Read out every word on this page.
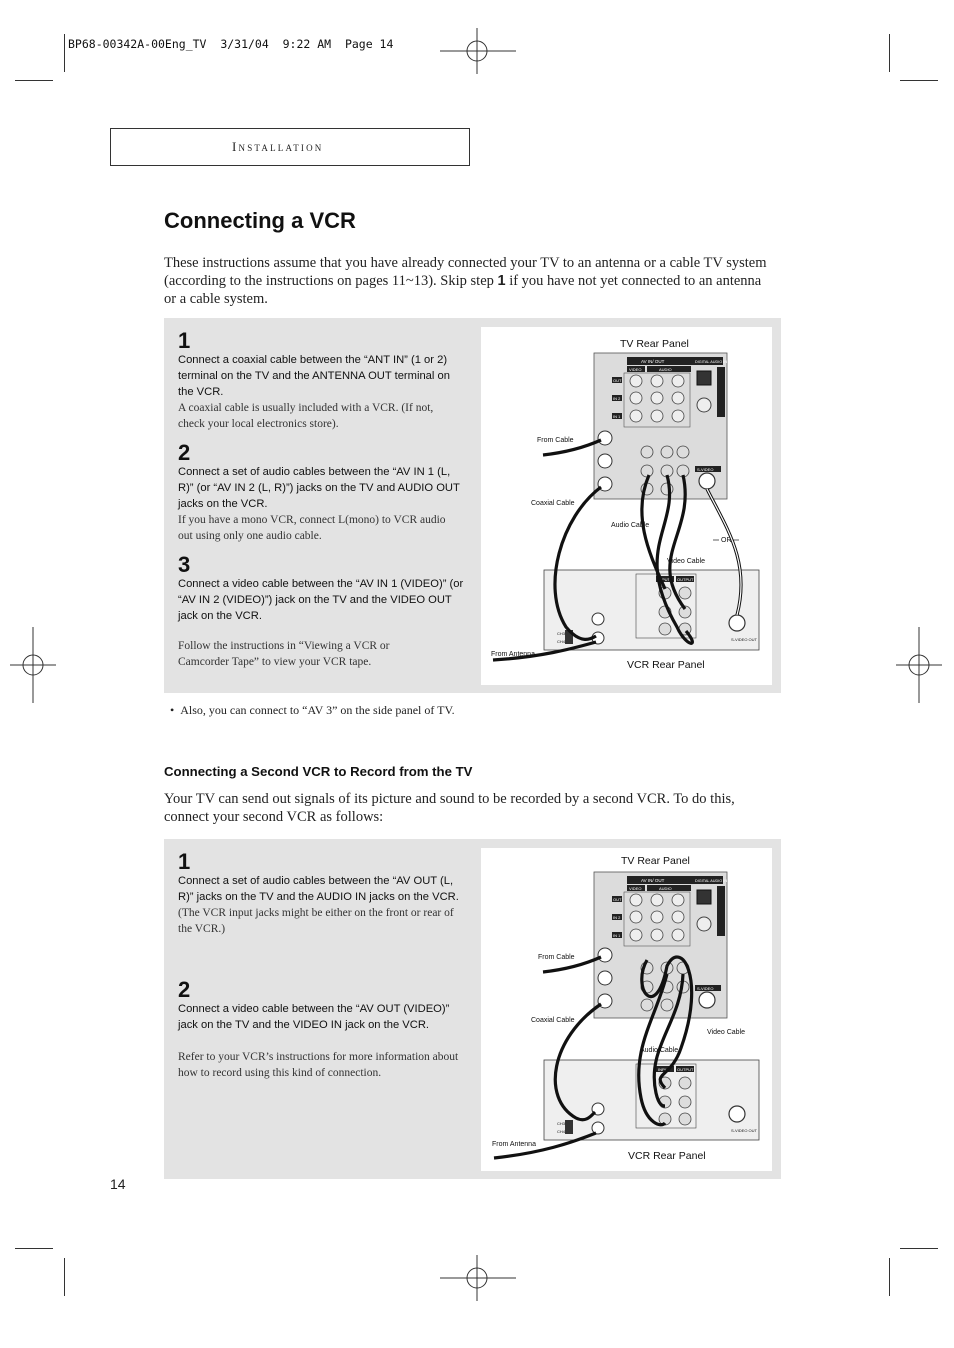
BP68-00342A-00Eng_TV  3/31/04  9:22 AM  Page 14
Installation
Connecting a VCR

These instructions assume that you have already connected your TV to an antenna or a cable TV system (according to the instructions on pages 11~13). Skip step 1 if you have not yet connected to an antenna or a cable system.

1
Connect a coaxial cable between the “ANT IN” (1 or 2) terminal on the TV and the ANTENNA OUT terminal on the VCR.
A coaxial cable is usually included with a VCR. (If not, check your local electronics store).
2
Connect a set of audio cables between the “AV IN 1 (L, R)” (or “AV IN 2 (L, R)”) jacks on the TV and AUDIO OUT jacks on the VCR.
If you have a mono VCR, connect L(mono) to VCR audio out using only one audio cable.
3
Connect a video cable between the “AV IN 1 (VIDEO)” (or “AV IN 2 (VIDEO)”) jack on the TV and the VIDEO OUT jack on the VCR.
Follow the instructions in “Viewing a VCR or Camcorder Tape” to view your VCR tape.
TV Rear Panel
AV IN/ OUT	DIGITAL AUDIO IN
VIDEO	AUDIO
OUT
IN 2
IN 1
S-VIDEO
From Cable
Coaxial Cable
Audio Cable
Video Cable
OR
INPUT OUTPUT
CH3
CH4	S-VIDEO OUT
From Antenna
VCR Rear Panel
•  Also, you can connect to “AV 3” on the side panel of TV.
Connecting a Second VCR to Record from the TV

Your TV can send out signals of its picture and sound to be recorded by a second VCR. To do this, connect your second VCR as follows:

1
Connect a set of audio cables between the “AV OUT (L, R)” jacks on the TV and the AUDIO IN jacks on the VCR.
(The VCR input jacks might be either on the front or rear of the VCR.)
2
Connect a video cable between the “AV OUT (VIDEO)” jack on the TV and the VIDEO IN jack on the VCR.
Refer to your VCR’s instructions for more information about how to record using this kind of connection.
TV Rear Panel
AV IN/ OUT	DIGITAL AUDIO IN
VIDEO	AUDIO
OUT
IN 2
IN 1
S-VIDEO
From Cable
Coaxial Cable
Video Cable
Audio Cable
INPUT OUTPUT
CH3
CH4	S-VIDEO OUT
From Antenna
VCR Rear Panel
14
